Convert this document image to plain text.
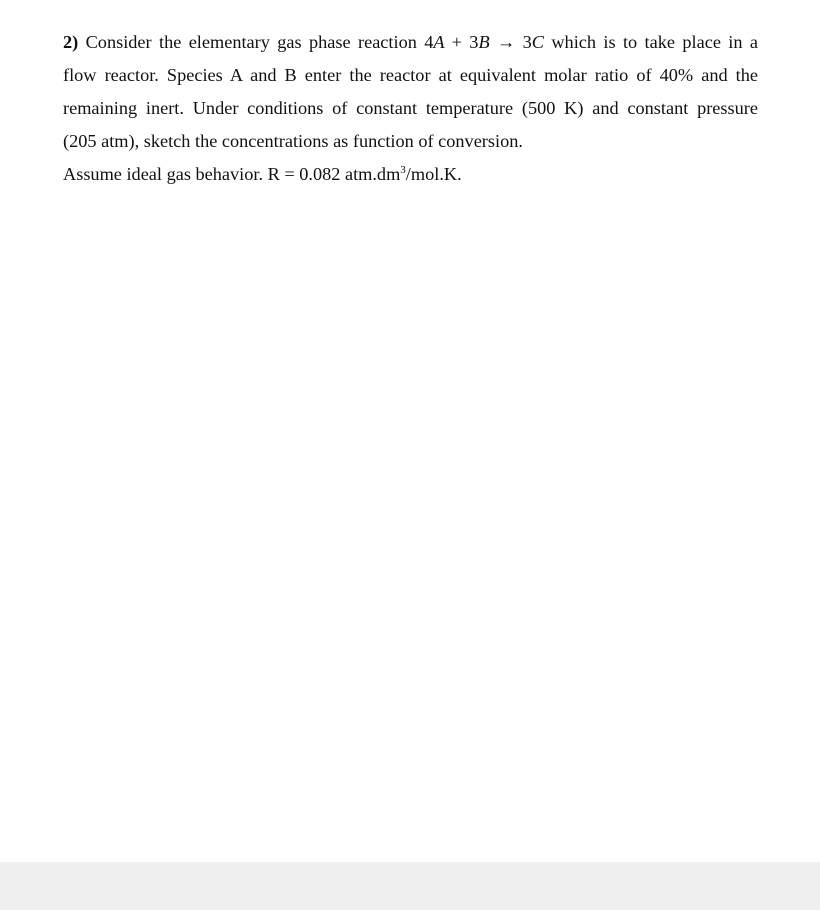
2) Consider the elementary gas phase reaction 4A + 3B → 3C which is to take place in a
flow reactor. Species A and B enter the reactor at equivalent molar ratio of 40% and the
remaining inert. Under conditions of constant temperature (500 K) and constant pressure
(205 atm), sketch the concentrations as function of conversion.
Assume ideal gas behavior. R = 0.082 $atm.dm^3/mol.K$.
